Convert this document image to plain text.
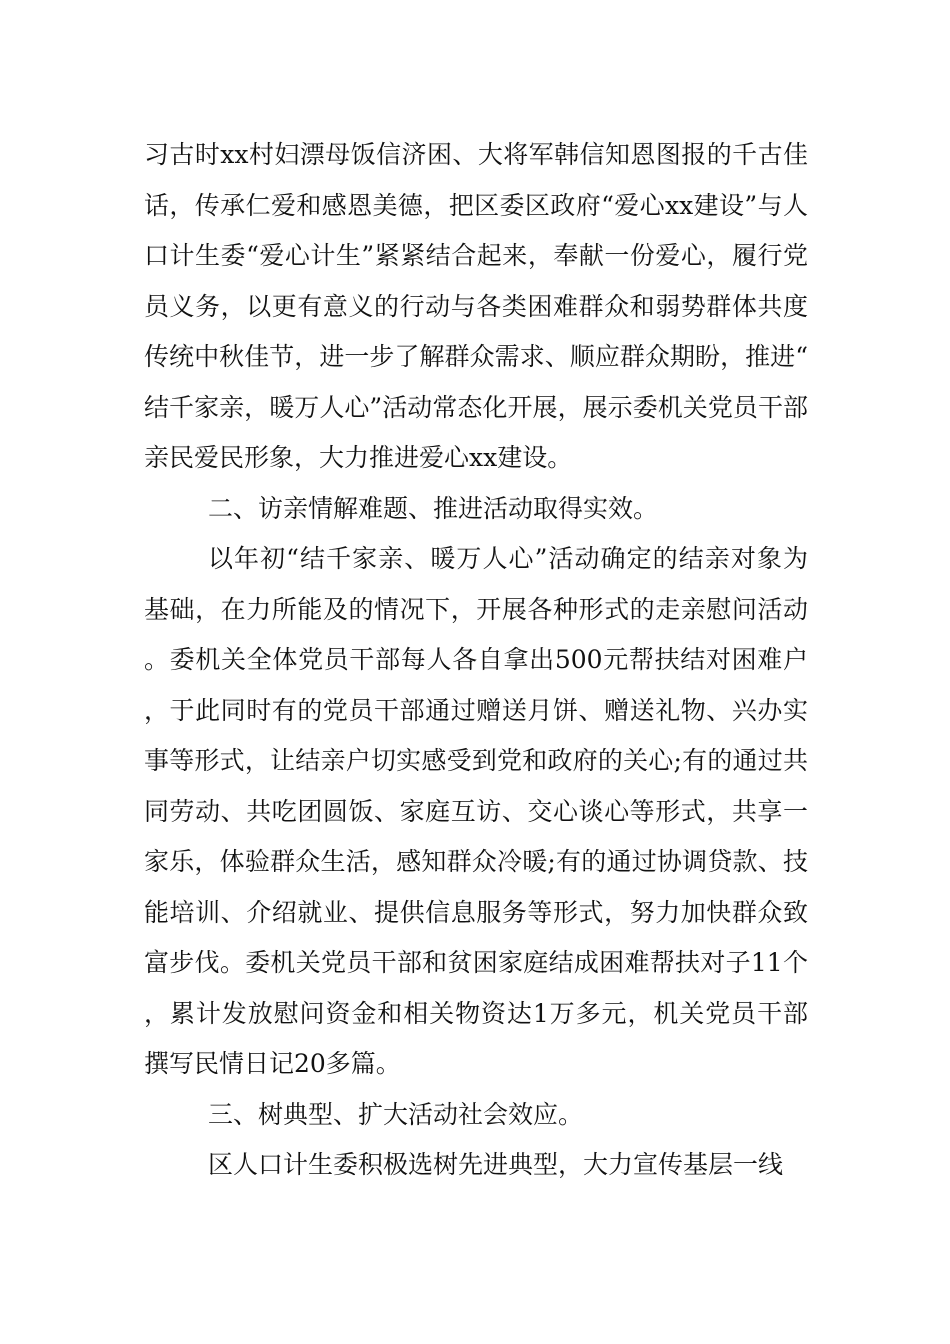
习古时xx村妇漂母饭信济困、大将军韩信知恩图报的千古佳话，传承仁爱和感恩美德，把区委区政府“爱心xx建设”与人口计生委“爱心计生”紧紧结合起来，奉献一份爱心，履行党员义务，以更有意义的行动与各类困难群众和弱势群体共度传统中秋佳节，进一步了解群众需求、顺应群众期盼，推进“结千家亲，暖万人心”活动常态化开展，展示委机关党员干部亲民爱民形象，大力推进爱心xx建设。

二、访亲情解难题、推进活动取得实效。

以年初“结千家亲、暖万人心”活动确定的结亲对象为基础，在力所能及的情况下，开展各种形式的走亲慰问活动。委机关全体党员干部每人各自拿出500元帮扶结对困难户，于此同时有的党员干部通过赠送月饼、赠送礼物、兴办实事等形式，让结亲户切实感受到党和政府的关心;有的通过共同劳动、共吃团圆饭、家庭互访、交心谈心等形式，共享一家乐，体验群众生活，感知群众冷暖;有的通过协调贷款、技能培训、介绍就业、提供信息服务等形式，努力加快群众致富步伐。委机关党员干部和贫困家庭结成困难帮扶对子11个，累计发放慰问资金和相关物资达1万多元，机关党员干部撰写民情日记20多篇。

三、树典型、扩大活动社会效应。

区人口计生委积极选树先进典型，大力宣传基层一线
